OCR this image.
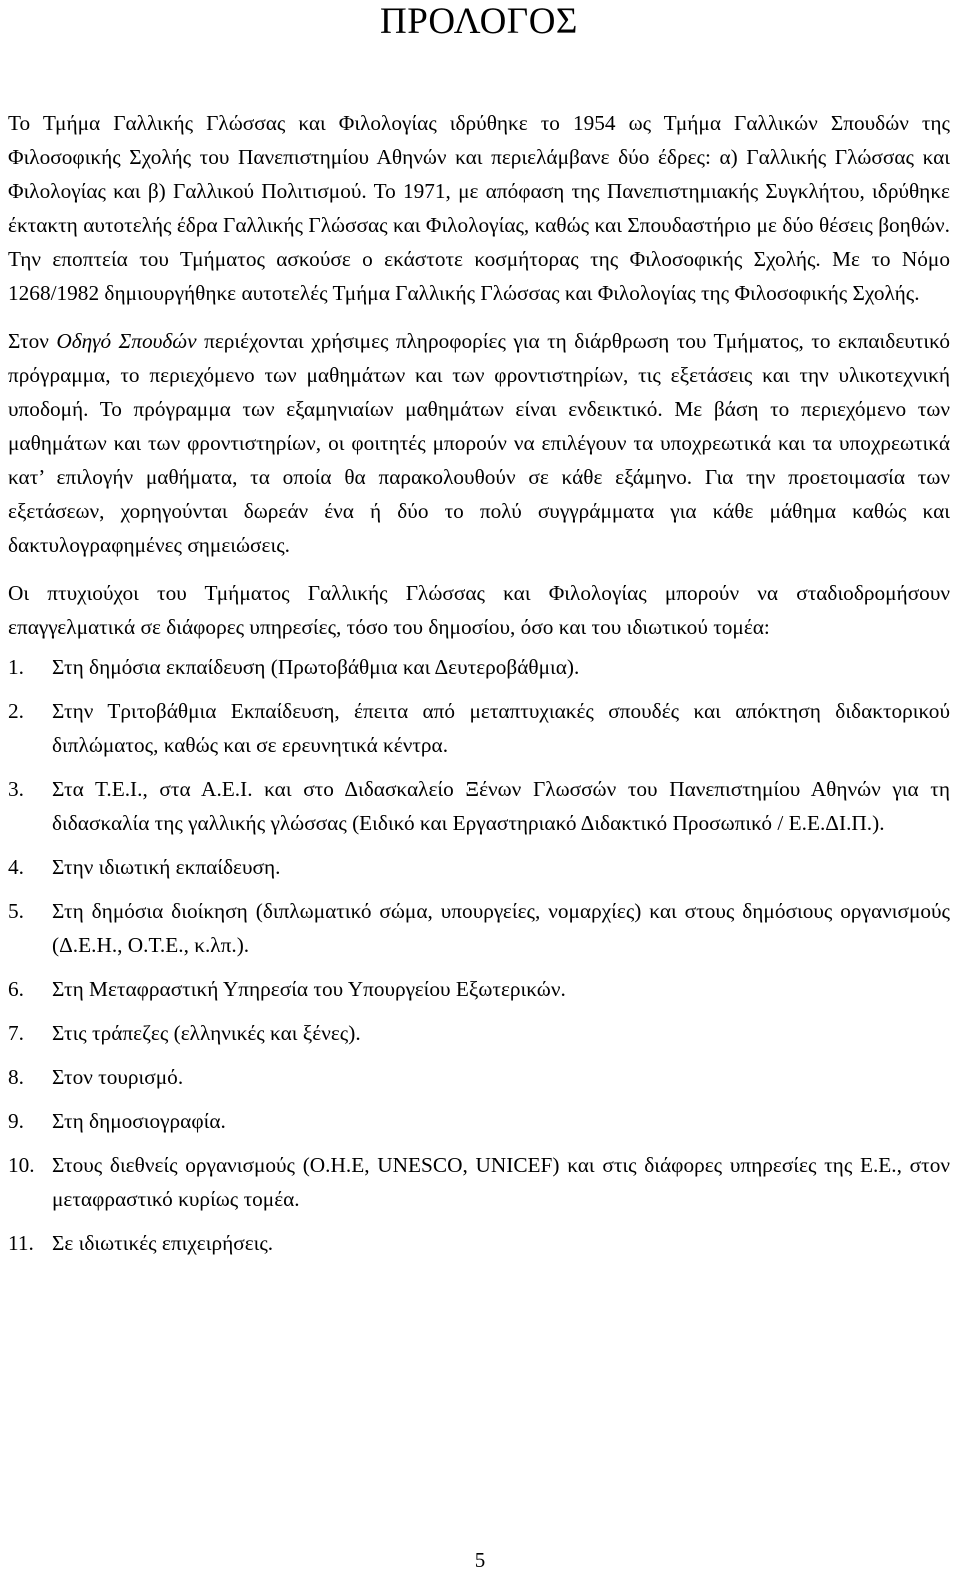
ΠΡΟΛΟΓΟΣ

Το Τμήμα Γαλλικής Γλώσσας και Φιλολογίας ιδρύθηκε το 1954 ως Τμήμα Γαλλικών Σπουδών της Φιλοσοφικής Σχολής του Πανεπιστημίου Αθηνών και περιελάμβανε δύο έδρες: α) Γαλλικής Γλώσσας και Φιλολογίας και β) Γαλλικού Πολιτισμού. Το 1971, με απόφαση της Πανεπιστημιακής Συγκλήτου, ιδρύθηκε έκτακτη αυτοτελής έδρα Γαλλικής Γλώσσας και Φιλολογίας, καθώς και Σπουδαστήριο με δύο θέσεις βοηθών. Την εποπτεία του Τμήματος ασκούσε ο εκάστοτε κοσμήτορας της Φιλοσοφικής Σχολής. Με το Νόμο 1268/1982 δημιουργήθηκε αυτοτελές Τμήμα Γαλλικής Γλώσσας και Φιλολογίας της Φιλοσοφικής Σχολής.

Στον Οδηγό Σπουδών περιέχονται χρήσιμες πληροφορίες για τη διάρθρωση του Τμήματος, το εκπαιδευτικό πρόγραμμα, το περιεχόμενο των μαθημάτων και των φροντιστηρίων, τις εξετάσεις και την υλικοτεχνική υποδομή. Το πρόγραμμα των εξαμηνιαίων μαθημάτων είναι ενδεικτικό. Με βάση το περιεχόμενο των μαθημάτων και των φροντιστηρίων, οι φοιτητές μπορούν να επιλέγουν τα υποχρεωτικά και τα υποχρεωτικά κατ’ επιλογήν μαθήματα, τα οποία θα παρακολουθούν σε κάθε εξάμηνο. Για την προετοιμασία των εξετάσεων, χορηγούνται δωρεάν ένα ή δύο το πολύ συγγράμματα για κάθε μάθημα καθώς και δακτυλογραφημένες σημειώσεις.

Οι πτυχιούχοι του Τμήματος Γαλλικής Γλώσσας και Φιλολογίας μπορούν να σταδιοδρομήσουν επαγγελματικά σε διάφορες υπηρεσίες, τόσο του δημοσίου, όσο και του ιδιωτικού τομέα:

1.	Στη δημόσια εκπαίδευση (Πρωτοβάθμια και Δευτεροβάθμια).
2.	Στην Τριτοβάθμια Εκπαίδευση, έπειτα από μεταπτυχιακές σπουδές και απόκτηση διδακτορικού διπλώματος, καθώς και σε ερευνητικά κέντρα.
3.	Στα Τ.Ε.Ι., στα Α.Ε.Ι. και στο Διδασκαλείο Ξένων Γλωσσών του Πανεπιστημίου Αθηνών για τη διδασκαλία της γαλλικής γλώσσας (Ειδικό και Εργαστηριακό Διδακτικό Προσωπικό / Ε.Ε.ΔΙ.Π.).
4.	Στην ιδιωτική εκπαίδευση.
5.	Στη δημόσια διοίκηση (διπλωματικό σώμα, υπουργείες, νομαρχίες) και στους δημόσιους οργανισμούς (Δ.Ε.Η., Ο.Τ.Ε., κ.λπ.).
6.	Στη Μεταφραστική Υπηρεσία του Υπουργείου Εξωτερικών.
7.	Στις τράπεζες (ελληνικές και ξένες).
8.	Στον τουρισμό.
9.	Στη δημοσιογραφία.
10. Στους διεθνείς οργανισμούς (Ο.Η.Ε, UNESCO, UNICEF) και στις διάφορες υπηρεσίες της Ε.Ε., στον μεταφραστικό κυρίως τομέα.
11. Σε ιδιωτικές επιχειρήσεις.
5
